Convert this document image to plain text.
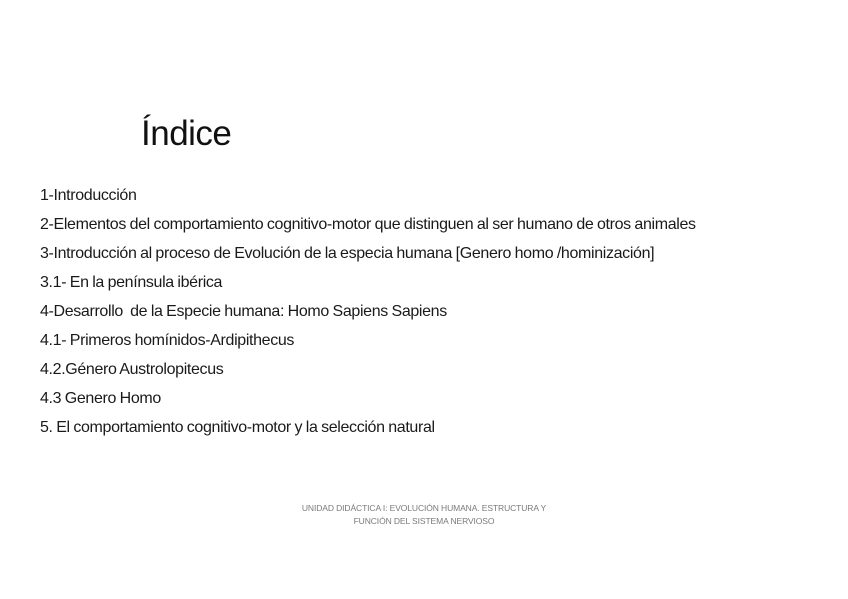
Índice
1-Introducción
2-Elementos del comportamiento cognitivo-motor que distinguen al ser humano de otros animales
3-Introducción al proceso de Evolución de la especia humana [Genero homo /hominización]
3.1- En la península ibérica
4-Desarrollo  de la Especie humana: Homo Sapiens Sapiens
4.1- Primeros homínidos-Ardipithecus
4.2.Género Austrolopitecus
4.3 Genero Homo
5. El comportamiento cognitivo-motor y la selección natural
UNIDAD DIDÁCTICA I: EVOLUCIÓN HUMANA. ESTRUCTURA Y
FUNCIÓN DEL SISTEMA NERVIOSO
